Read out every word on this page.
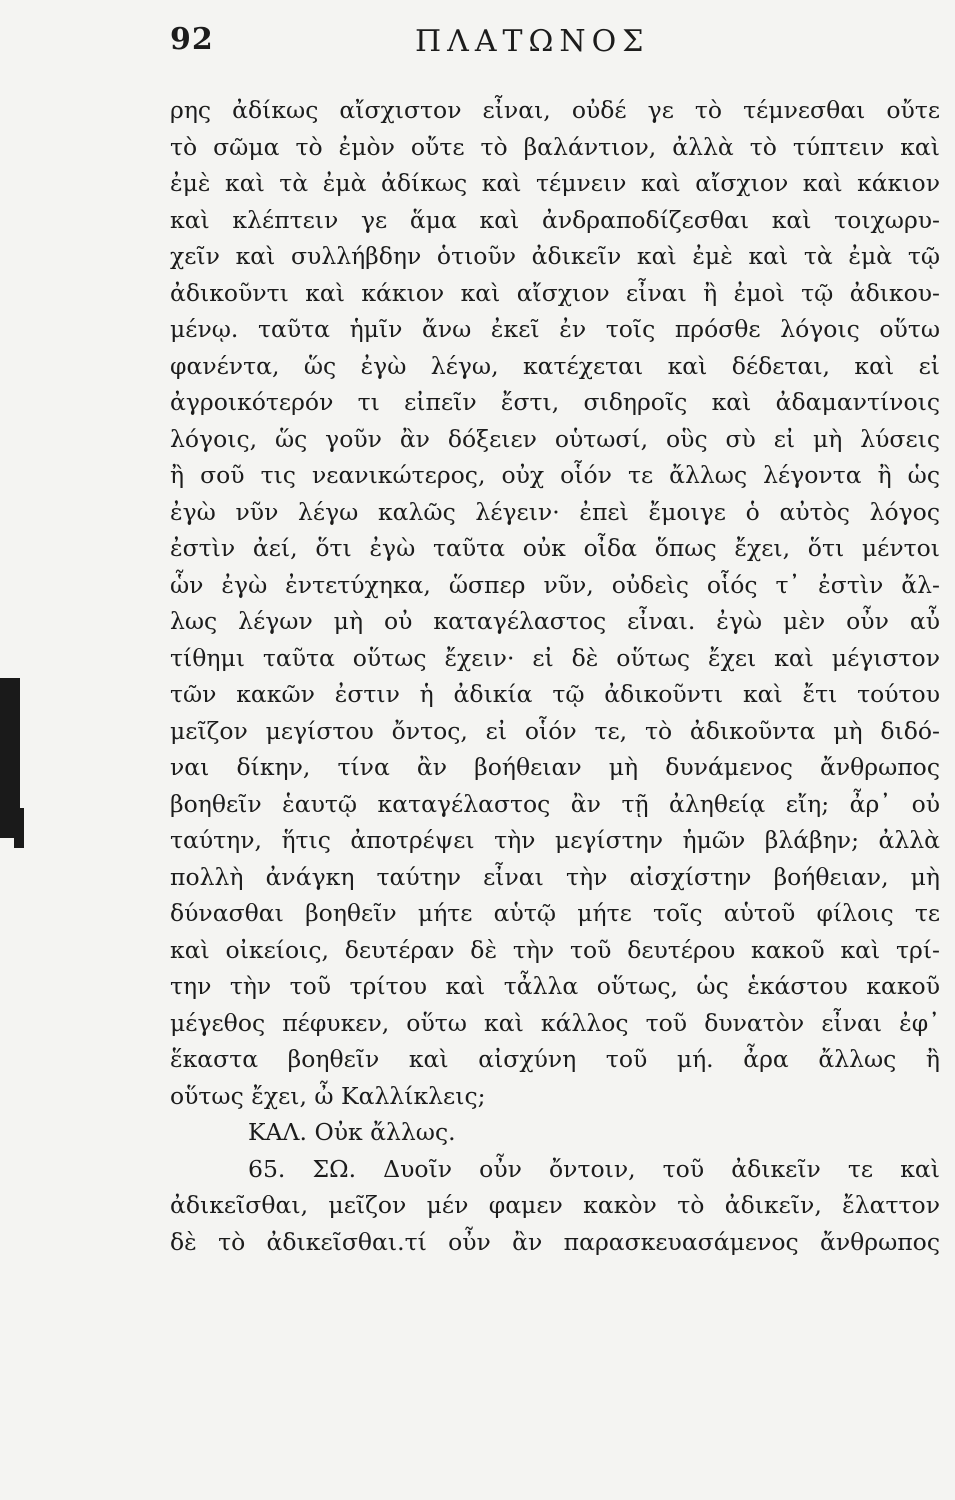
92	ΠΛΑΤΩΝΟΣ
ρης ἀδίκως αἴσχιστον εἶναι, οὐδέ γε τὸ τέμνεσθαι οὔτε
τὸ σῶμα τὸ ἐμὸν οὔτε τὸ βαλάντιον, ἀλλὰ τὸ τύπτειν καὶ
ἐμὲ καὶ τὰ ἐμὰ ἀδίκως καὶ τέμνειν καὶ αἴσχιον καὶ κάκιον
καὶ κλέπτειν γε ἅμα καὶ ἀνδραποδίζεσθαι καὶ τοιχωρυ-
χεῖν καὶ συλλήβδην ὁτιοῦν ἀδικεῖν καὶ ἐμὲ καὶ τὰ ἐμὰ τῷ
ἀδικοῦντι καὶ κάκιον καὶ αἴσχιον εἶναι ἢ ἐμοὶ τῷ ἀδικου-
μένῳ. ταῦτα ἡμῖν ἄνω ἐκεῖ ἐν τοῖς πρόσθε λόγοις οὕτω
φανέντα, ὥς ἐγὼ λέγω, κατέχεται καὶ δέδεται, καὶ εἰ
ἀγροικότερόν τι εἰπεῖν ἔστι, σιδηροῖς καὶ ἀδαμαντίνοις
λόγοις, ὥς γοῦν ἂν δόξειεν οὑτωσί, οὓς σὺ εἰ μὴ λύσεις
ἢ σοῦ τις νεανικώτερος, οὐχ οἷόν τε ἄλλως λέγοντα ἢ ὡς
ἐγὼ νῦν λέγω καλῶς λέγειν· ἐπεὶ ἔμοιγε ὁ αὐτὸς λόγος
ἐστὶν ἀεί, ὅτι ἐγὼ ταῦτα οὐκ οἶδα ὅπως ἔχει, ὅτι μέντοι
ὧν ἐγὼ ἐντετύχηκα, ὥσπερ νῦν, οὐδεὶς οἷός τ᾽ ἐστὶν ἄλ-
λως λέγων μὴ οὐ καταγέλαστος εἶναι. ἐγὼ μὲν οὖν αὖ
τίθημι ταῦτα οὕτως ἔχειν· εἰ δὲ οὕτως ἔχει καὶ μέγιστον
τῶν κακῶν ἐστιν ἡ ἀδικία τῷ ἀδικοῦντι καὶ ἔτι τούτου
μεῖζον μεγίστου ὄντος, εἰ οἷόν τε, τὸ ἀδικοῦντα μὴ διδό-
ναι δίκην, τίνα ἂν βοήθειαν μὴ δυνάμενος ἄνθρωπος
βοηθεῖν ἑαυτῷ καταγέλαστος ἂν τῇ ἀληθείᾳ εἴη; ἆρ᾽ οὐ
ταύτην, ἥτις ἀποτρέψει τὴν μεγίστην ἡμῶν βλάβην; ἀλλὰ
πολλὴ ἀνάγκη ταύτην εἶναι τὴν αἰσχίστην βοήθειαν, μὴ
δύνασθαι βοηθεῖν μήτε αὑτῷ μήτε τοῖς αὑτοῦ φίλοις τε
καὶ οἰκείοις, δευτέραν δὲ τὴν τοῦ δευτέρου κακοῦ καὶ τρί-
την τὴν τοῦ τρίτου καὶ τἆλλα οὕτως, ὡς ἑκάστου κακοῦ
μέγεθος πέφυκεν, οὕτω καὶ κάλλος τοῦ δυνατὸν εἶναι ἐφ᾽
ἕκαστα βοηθεῖν καὶ αἰσχύνη τοῦ μή. ἆρα ἄλλως ἢ
οὕτως ἔχει, ὦ Καλλίκλεις;
ΚΑΛ. Οὐκ ἄλλως.
65. ΣΩ. Δυοῖν οὖν ὄντοιν, τοῦ ἀδικεῖν τε καὶ
ἀδικεῖσθαι, μεῖζον μέν φαμεν κακὸν τὸ ἀδικεῖν, ἔλαττον
δὲ τὸ ἀδικεῖσθαι.τί οὖν ἂν παρασκευασάμενος ἄνθρωπος
